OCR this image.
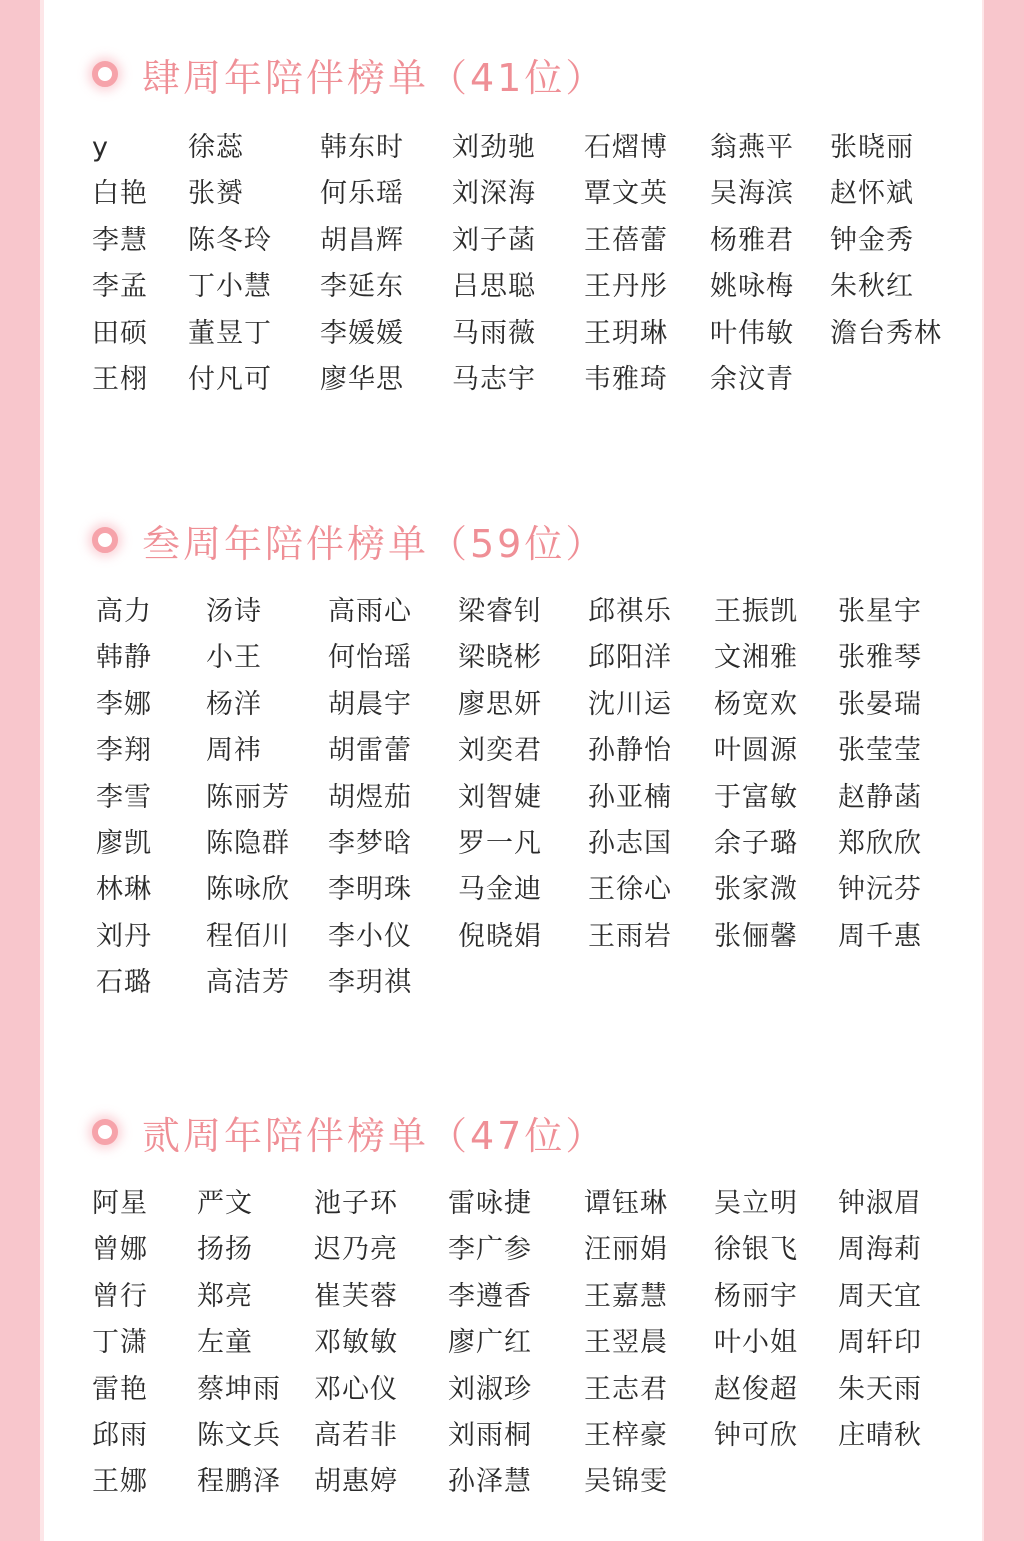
肆周年陪伴榜单（41位）
y	徐蕊	韩东时 刘劲驰 石熠博 翁燕平 张晓丽
白艳 张赟	何乐瑶 刘深海 覃文英 吴海滨 赵怀斌
李慧 陈冬玲 胡昌辉 刘子菡 王蓓蕾 杨雅君 钟金秀
李孟 丁小慧 李延东 吕思聪 王丹彤 姚咏梅 朱秋红
田硕 董昱丁 李媛媛 马雨薇 王玥琳 叶伟敏 澹台秀林
王栩 付凡可 廖华思 马志宇 韦雅琦 余汶青
叁周年陪伴榜单（59位）
高力 汤诗 高雨心 梁睿钊 邱祺乐 王振凯 张星宇
韩静 小王 何怡瑶 梁晓彬 邱阳洋 文湘雅 张雅琴
李娜 杨洋 胡晨宇 廖思妍 沈川运 杨宽欢 张晏瑞
李翔 周祎 胡雷蕾 刘奕君 孙静怡 叶圆源 张莹莹
李雪 陈丽芳 胡煜茄 刘智婕 孙亚楠 于富敏 赵静菡
廖凯 陈隐群 李梦晗 罗一凡 孙志国 余子璐 郑欣欣
林琳 陈咏欣 李明珠 马金迪 王徐心 张家溦 钟沅芬
刘丹 程佰川 李小仪 倪晓娟 王雨岩 张俪馨 周千惠
石璐 高洁芳 李玥祺
贰周年陪伴榜单（47位）
阿星 严文 池子环 雷咏捷 谭钰琳 吴立明 钟淑眉
曾娜 扬扬 迟乃亮 李广参 汪丽娟 徐银飞 周海莉
曾行 郑亮 崔芙蓉 李遵香 王嘉慧 杨丽宇 周天宜
丁潇 左童 邓敏敏 廖广红 王翌晨 叶小姐 周轩印
雷艳 蔡坤雨 邓心仪 刘淑珍 王志君 赵俊超 朱天雨
邱雨 陈文兵 高若非 刘雨桐 王梓豪 钟可欣 庄晴秋
王娜 程鹏泽 胡惠婷 孙泽慧 吴锦雯
